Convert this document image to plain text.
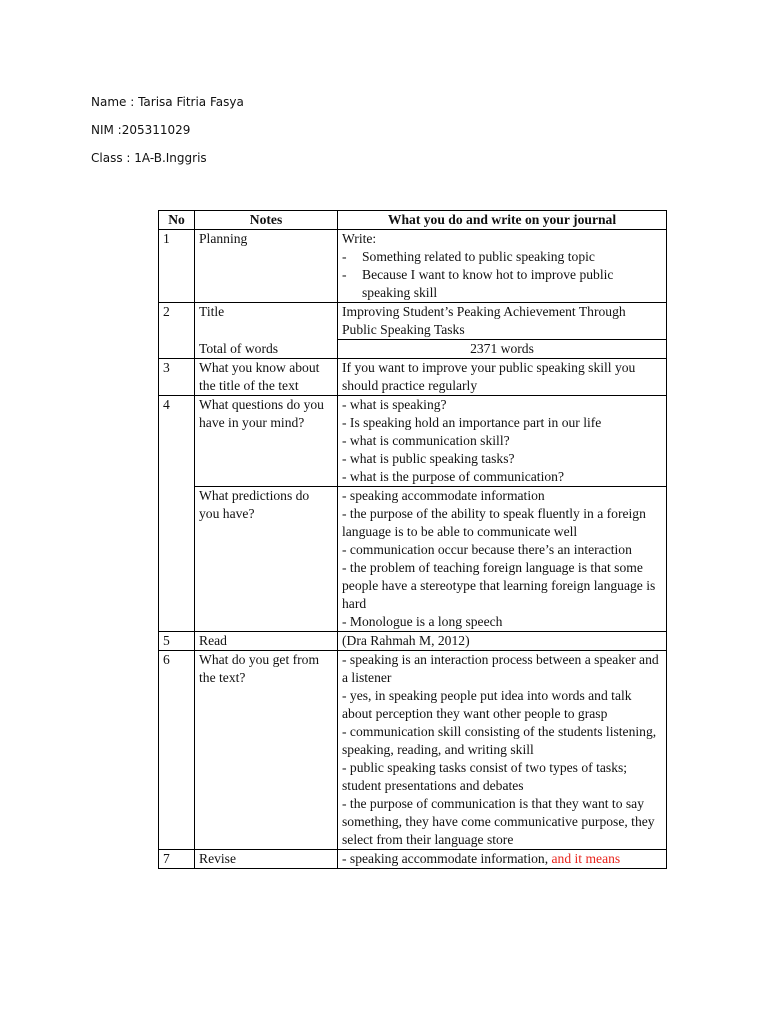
Name : Tarisa Fitria Fasya
NIM :205311029
Class : 1A-B.Inggris
No	Notes	What you do and write on your journal
1	Planning	Write:
- Something related to public speaking topic
- Because I want to know hot to improve public speaking skill

2	Title	Improving Student’s Peaking Achievement Through Public Speaking Tasks
	Total of words	2371 words
3	What you know about the title of the text	If you want to improve your public speaking skill you should practice regularly
4	What questions do you have in your mind?	- what is speaking?
- Is speaking hold an importance part in our life
- what is communication skill?
- what is public speaking tasks?
- what is the purpose of communication?

	What predictions do you have?	- speaking accommodate information
- the purpose of the ability to speak fluently in a foreign language is to be able to communicate well
- communication occur because there’s an interaction
- the problem of teaching foreign language is that some people have a stereotype that learning foreign language is hard
- Monologue is a long speech

5	Read	(Dra Rahmah M, 2012)
6	What do you get from the text?	- speaking is an interaction process between a speaker and a listener
- yes, in speaking people put idea into words and talk about perception they want other people to grasp
- communication skill consisting of the students listening, speaking, reading, and writing skill
- public speaking tasks consist of two types of tasks; student presentations and debates
- the purpose of communication is that they want to say something, they have come communicative purpose, they select from their language store

7	Revise	- speaking accommodate information, and it means
